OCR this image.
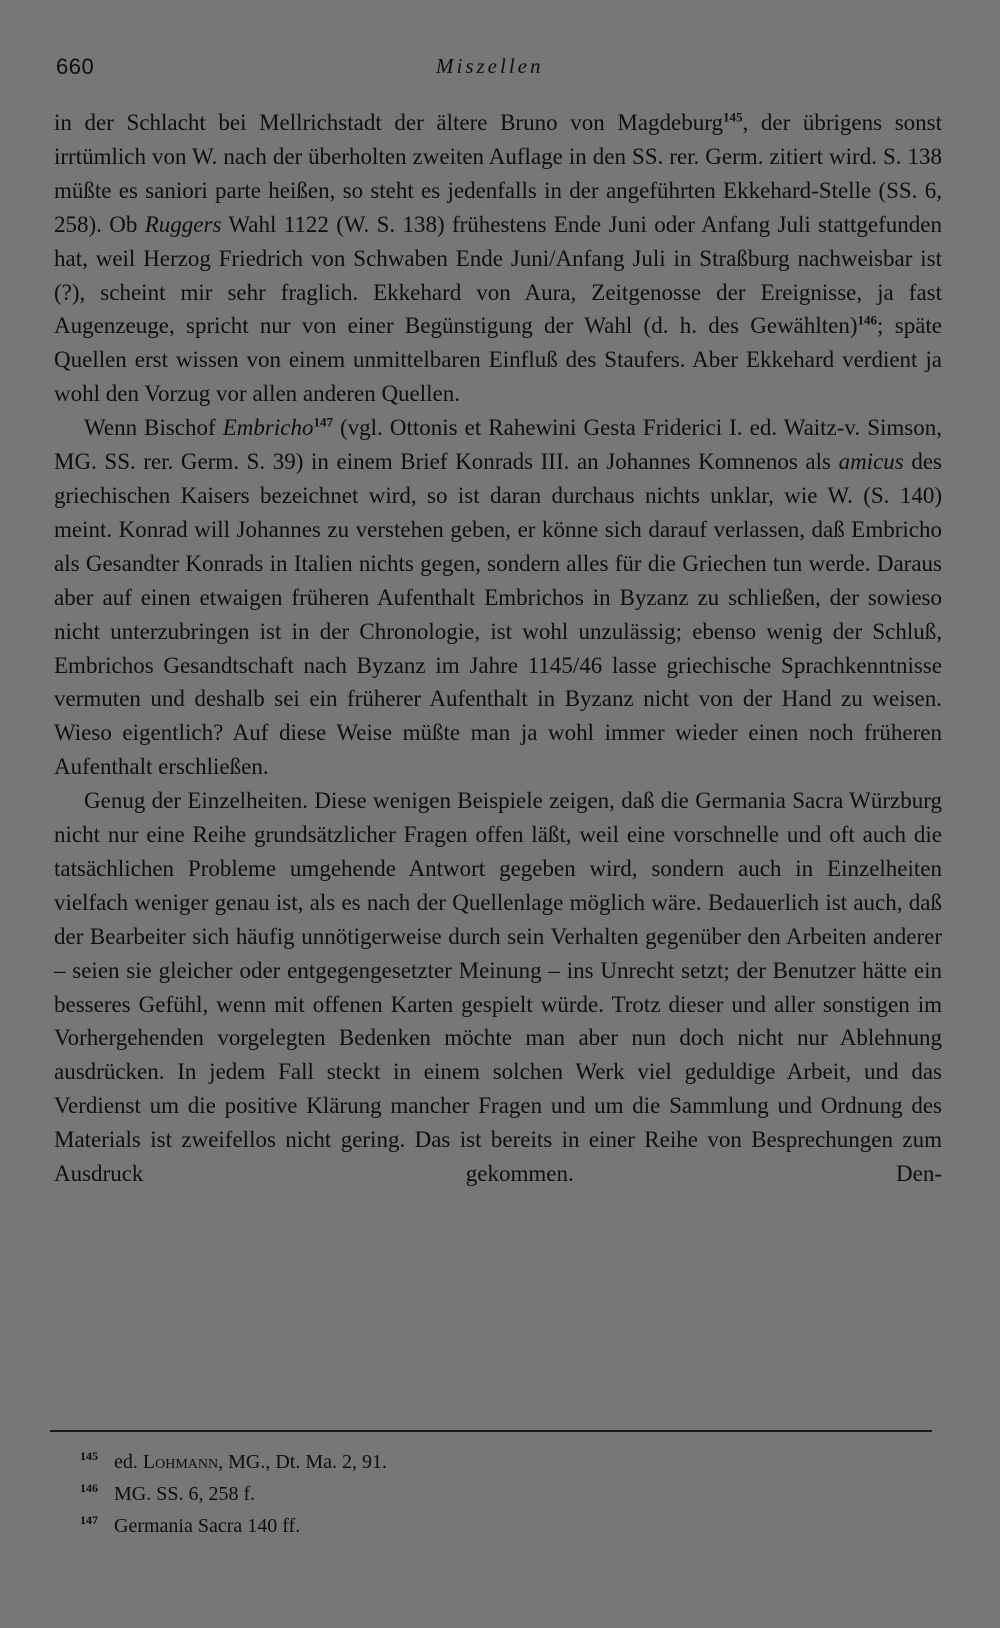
660	Miszellen

in der Schlacht bei Mellrichstadt der ältere Bruno von Magdeburg$^{145}$, der übrigens sonst irrtümlich von W. nach der überholten zweiten Auflage in den SS. rer. Germ. zitiert wird. S. 138 müßte es saniori parte heißen, so steht es jedenfalls in der angeführten Ekkehard-Stelle (SS. 6, 258). Ob Ruggers Wahl 1122 (W. S. 138) frühestens Ende Juni oder Anfang Juli stattgefunden hat, weil Herzog Friedrich von Schwaben Ende Juni/Anfang Juli in Straßburg nachweisbar ist (?), scheint mir sehr fraglich. Ekkehard von Aura, Zeitgenosse der Ereignisse, ja fast Augenzeuge, spricht nur von einer Begünstigung der Wahl (d. h. des Gewählten)$^{146}$; späte Quellen erst wissen von einem unmittelbaren Einfluß des Staufers. Aber Ekkehard verdient ja wohl den Vorzug vor allen anderen Quellen.

Wenn Bischof Embricho$^{147}$ (vgl. Ottonis et Rahewini Gesta Friderici I. ed. Waitz-v. Simson, MG. SS. rer. Germ. S. 39) in einem Brief Konrads III. an Johannes Komnenos als amicus des griechischen Kaisers bezeichnet wird, so ist daran durchaus nichts unklar, wie W. (S. 140) meint. Konrad will Johannes zu verstehen geben, er könne sich darauf verlassen, daß Embricho als Gesandter Konrads in Italien nichts gegen, sondern alles für die Griechen tun werde. Daraus aber auf einen etwaigen früheren Aufenthalt Embrichos in Byzanz zu schließen, der sowieso nicht unterzubringen ist in der Chronologie, ist wohl unzulässig; ebenso wenig der Schluß, Embrichos Gesandtschaft nach Byzanz im Jahre 1145/46 lasse griechische Sprachkenntnisse vermuten und deshalb sei ein früherer Aufenthalt in Byzanz nicht von der Hand zu weisen. Wieso eigentlich? Auf diese Weise müßte man ja wohl immer wieder einen noch früheren Aufenthalt erschließen.

Genug der Einzelheiten. Diese wenigen Beispiele zeigen, daß die Germania Sacra Würzburg nicht nur eine Reihe grundsätzlicher Fragen offen läßt, weil eine vorschnelle und oft auch die tatsächlichen Probleme umgehende Antwort gegeben wird, sondern auch in Einzelheiten vielfach weniger genau ist, als es nach der Quellenlage möglich wäre. Bedauerlich ist auch, daß der Bearbeiter sich häufig unnötigerweise durch sein Verhalten gegenüber den Arbeiten anderer – seien sie gleicher oder entgegengesetzter Meinung – ins Unrecht setzt; der Benutzer hätte ein besseres Gefühl, wenn mit offenen Karten gespielt würde. Trotz dieser und aller sonstigen im Vorhergehenden vorgelegten Bedenken möchte man aber nun doch nicht nur Ablehnung ausdrücken. In jedem Fall steckt in einem solchen Werk viel geduldige Arbeit, und das Verdienst um die positive Klärung mancher Fragen und um die Sammlung und Ordnung des Materials ist zweifellos nicht gering. Das ist bereits in einer Reihe von Besprechungen zum Ausdruck gekommen. Den-

145 ed. Lohmann, MG., Dt. Ma. 2, 91.
146 MG. SS. 6, 258 f.
147 Germania Sacra 140 ff.
